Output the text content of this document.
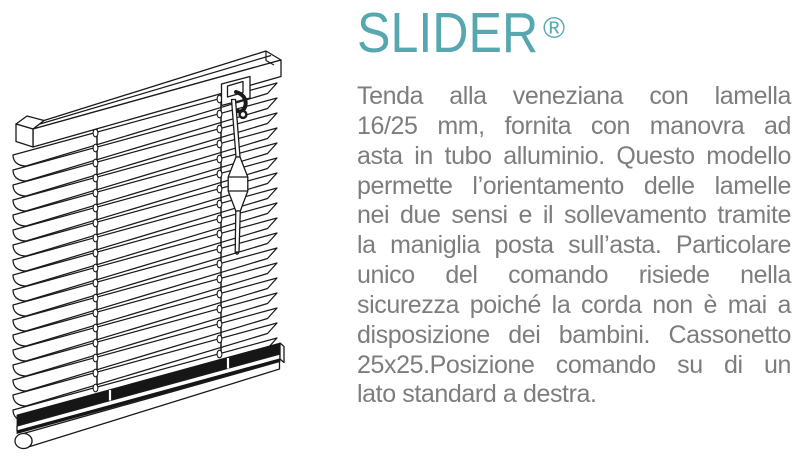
SLIDER ®
Tenda alla veneziana con lamella
16/25 mm, fornita con manovra ad
asta in tubo alluminio. Questo modello
permette l’orientamento delle lamelle
nei due sensi e il sollevamento tramite
la maniglia posta sull’asta. Particolare
unico del comando risiede nella
sicurezza poiché la corda non è mai a
disposizione dei bambini. Cassonetto
25x25.Posizione comando su di un
lato standard a destra.
